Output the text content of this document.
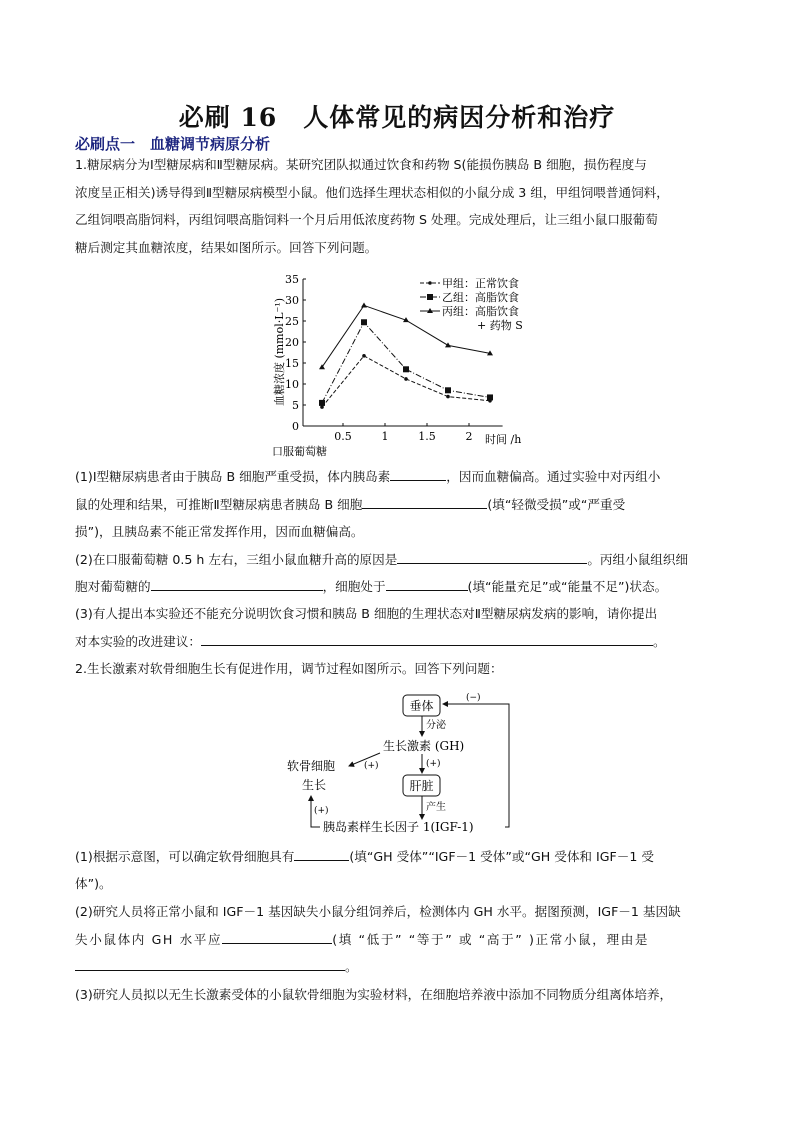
必刷 16　人体常见的病因分析和治疗
必刷点一　血糖调节病原分析
1.糖尿病分为Ⅰ型糖尿病和Ⅱ型糖尿病。某研究团队拟通过饮食和药物 S(能损伤胰岛 B 细胞，损伤程度与
浓度呈正相关)诱导得到Ⅱ型糖尿病模型小鼠。他们选择生理状态相似的小鼠分成 3 组，甲组饲喂普通饲料，
乙组饲喂高脂饲料，丙组饲喂高脂饲料一个月后用低浓度药物 S 处理。完成处理后，让三组小鼠口服葡萄
糖后测定其血糖浓度，结果如图所示。回答下列问题。
0
5
10
15
20
25
30
35
0.5	1	1.5	2 时间 /h
口服葡萄糖
血糖浓度 (mmol·L⁻¹)
甲组：正常饮食
乙组：高脂饮食
丙组：高脂饮食
+ 药物 S
(1)Ⅰ型糖尿病患者由于胰岛 B 细胞严重受损，体内胰岛素	，因而血糖偏高。通过实验中对丙组小
鼠的处理和结果，可推断Ⅱ型糖尿病患者胰岛 B 细胞	(填“轻微受损”或“严重受
损”)，且胰岛素不能正常发挥作用，因而血糖偏高。
(2)在口服葡萄糖 0.5 h 左右，三组小鼠血糖升高的原因是	。丙组小鼠组织细
胞对葡萄糖的	，细胞处于	(填“能量充足”或“能量不足”)状态。
(3)有人提出本实验还不能充分说明饮食习惯和胰岛 B 细胞的生理状态对Ⅱ型糖尿病发病的影响，请你提出
对本实验的改进建议：	。
2.生长激素对软骨细胞生长有促进作用，调节过程如图所示。回答下列问题：
垂体
分泌
生长激素 (GH)
(+)
软骨细胞
生长
(+)
肝脏
产生
胰岛素样生长因子 1(IGF-1)
(+)
(−)
(1)根据示意图，可以确定软骨细胞具有	(填“GH 受体”“IGF－1 受体”或“GH 受体和 IGF－1 受
体”)。
(2)研究人员将正常小鼠和 IGF－1 基因缺失小鼠分组饲养后，检测体内 GH 水平。据图预测，IGF－1 基因缺
失小鼠体内 GH 水平应	(填 “低于” “等于” 或 “高于” )正常小鼠，理由是
。
(3)研究人员拟以无生长激素受体的小鼠软骨细胞为实验材料，在细胞培养液中添加不同物质分组离体培养，
